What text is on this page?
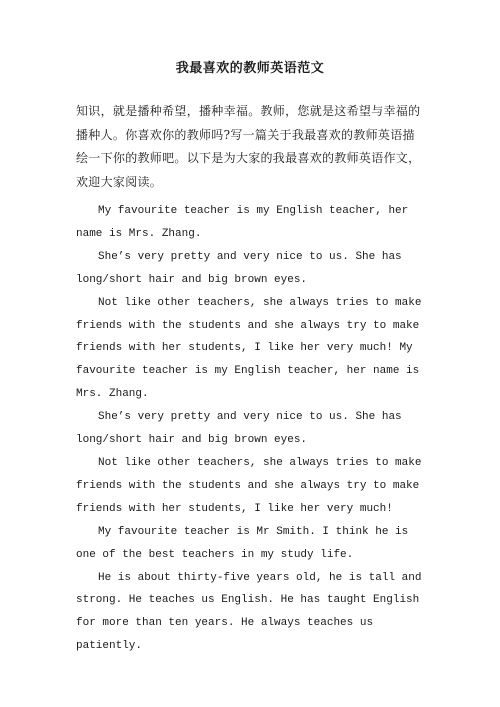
我最喜欢的教师英语范文

知识，就是播种希望，播种幸福。教师，您就是这希望与幸福的播种人。你喜欢你的教师吗?写一篇关于我最喜欢的教师英语描绘一下你的教师吧。以下是为大家的我最喜欢的教师英语作文，欢迎大家阅读。

My favourite teacher is my English teacher, her name is Mrs. Zhang.

She’s very pretty and very nice to us. She has long/short hair and big brown eyes.

Not like other teachers, she always tries to make friends with the students and she always try to make friends with her students, I like her very much! My favourite teacher is my English teacher, her name is Mrs. Zhang.

She’s very pretty and very nice to us. She has long/short hair and big brown eyes.

Not like other teachers, she always tries to make friends with the students and she always try to make friends with her students, I like her very much!

My favourite teacher is Mr Smith. I think he is one of the best teachers in my study life.

He is about thirty-five years old, he is tall and strong. He teaches us English. He has taught English for more than ten years. He always teaches us patiently.
